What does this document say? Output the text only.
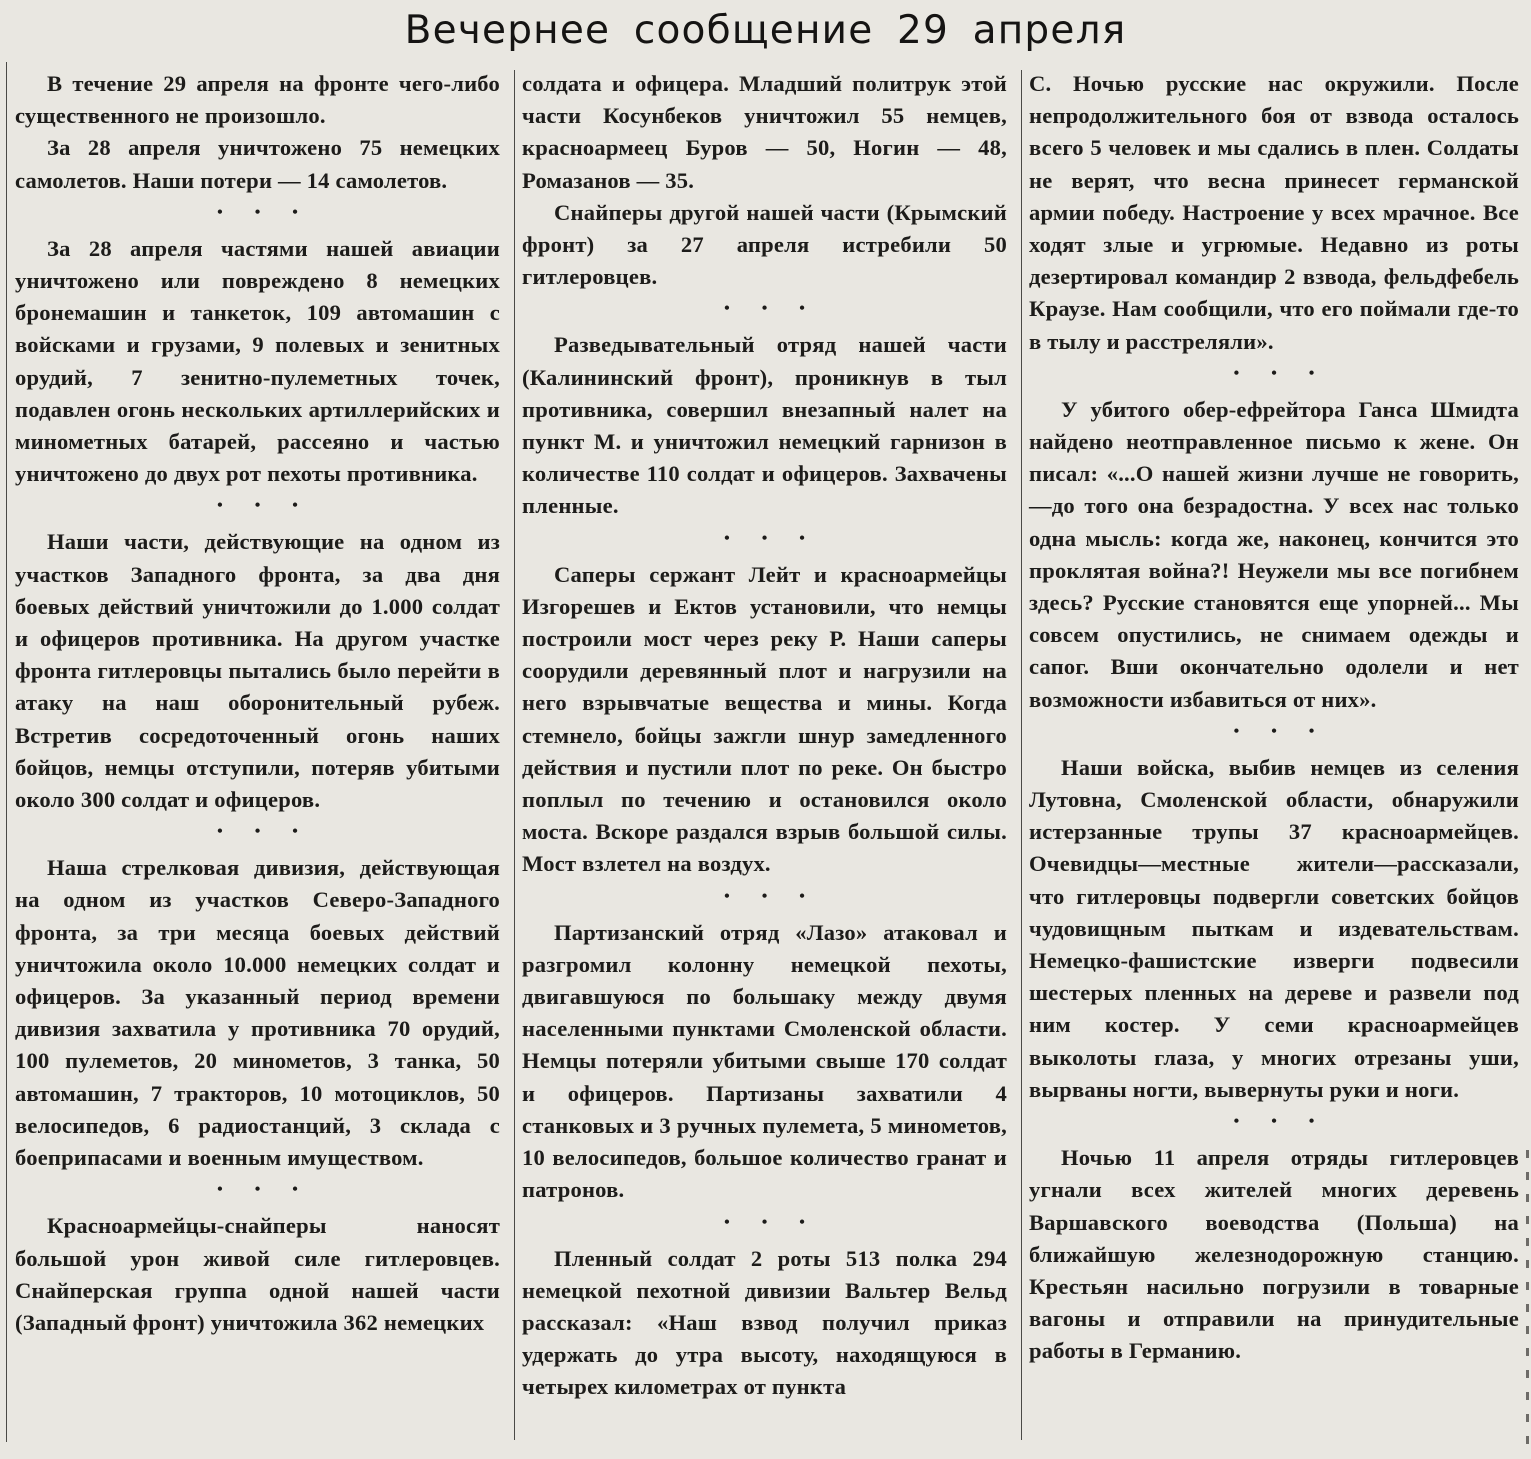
Вечернее сообщение 29 апреля

В течение 29 апреля на фронте чего-либо существенного не произошло.

За 28 апреля уничтожено 75 немецких самолетов. Наши потери — 14 самолетов.

• • •

За 28 апреля частями нашей авиации уничтожено или повреждено 8 немецких бронемашин и танкеток, 109 автомашин с войсками и грузами, 9 полевых и зенитных орудий, 7 зенитно-пулеметных точек, подавлен огонь нескольких артиллерийских и минометных батарей, рассеяно и частью уничтожено до двух рот пехоты противника.

• • •

Наши части, действующие на одном из участков Западного фронта, за два дня боевых действий уничтожили до 1.000 солдат и офицеров противника. На другом участке фронта гитлеровцы пытались было перейти в атаку на наш оборонительный рубеж. Встретив сосредоточенный огонь наших бойцов, немцы отступили, потеряв убитыми около 300 солдат и офицеров.

• • •

Наша стрелковая дивизия, действующая на одном из участков Северо-Западного фронта, за три месяца боевых действий уничтожила около 10.000 немецких солдат и офицеров. За указанный период времени дивизия захватила у противника 70 орудий, 100 пулеметов, 20 минометов, 3 танка, 50 автомашин, 7 тракторов, 10 мотоциклов, 50 велосипедов, 6 радиостанций, 3 склада с боеприпасами и военным имуществом.

• • •

Красноармейцы-снайперы наносят большой урон живой силе гитлеровцев. Снайперская группа одной нашей части (Западный фронт) уничтожила 362 немецких

солдата и офицера. Младший политрук этой части Косунбеков уничтожил 55 немцев, красноармеец Буров — 50, Ногин — 48, Ромазанов — 35.

Снайперы другой нашей части (Крымский фронт) за 27 апреля истребили 50 гитлеровцев.

• • •

Разведывательный отряд нашей части (Калининский фронт), проникнув в тыл противника, совершил внезапный налет на пункт М. и уничтожил немецкий гарнизон в количестве 110 солдат и офицеров. Захвачены пленные.

• • •

Саперы сержант Лейт и красноармейцы Изгорешев и Ектов установили, что немцы построили мост через реку Р. Наши саперы соорудили деревянный плот и нагрузили на него взрывчатые вещества и мины. Когда стемнело, бойцы зажгли шнур замедленного действия и пустили плот по реке. Он быстро поплыл по течению и остановился около моста. Вскоре раздался взрыв большой силы. Мост взлетел на воздух.

• • •

Партизанский отряд «Лазо» атаковал и разгромил колонну немецкой пехоты, двигавшуюся по большаку между двумя населенными пунктами Смоленской области. Немцы потеряли убитыми свыше 170 солдат и офицеров. Партизаны захватили 4 станковых и 3 ручных пулемета, 5 минометов, 10 велосипедов, большое количество гранат и патронов.

• • •

Пленный солдат 2 роты 513 полка 294 немецкой пехотной дивизии Вальтер Вельд рассказал: «Наш взвод получил приказ удержать до утра высоту, находящуюся в четырех километрах от пункта

С. Ночью русские нас окружили. После непродолжительного боя от взвода осталось всего 5 человек и мы сдались в плен. Солдаты не верят, что весна принесет германской армии победу. Настроение у всех мрачное. Все ходят злые и угрюмые. Недавно из роты дезертировал командир 2 взвода, фельдфебель Краузе. Нам сообщили, что его поймали где-то в тылу и расстреляли».

• • •

У убитого обер-ефрейтора Ганса Шмидта найдено неотправленное письмо к жене. Он писал: «...О нашей жизни лучше не говорить,—до того она безрадостна. У всех нас только одна мысль: когда же, наконец, кончится это проклятая война?! Неужели мы все погибнем здесь? Русские становятся еще упорней... Мы совсем опустились, не снимаем одежды и сапог. Вши окончательно одолели и нет возможности избавиться от них».

• • •

Наши войска, выбив немцев из селения Лутовна, Смоленской области, обнаружили истерзанные трупы 37 красноармейцев. Очевидцы—местные жители—рассказали, что гитлеровцы подвергли советских бойцов чудовищным пыткам и издевательствам. Немецко-фашистские изверги подвесили шестерых пленных на дереве и развели под ним костер. У семи красноармейцев выколоты глаза, у многих отрезаны уши, вырваны ногти, вывернуты руки и ноги.

• • •

Ночью 11 апреля отряды гитлеровцев угнали всех жителей многих деревень Варшавского воеводства (Польша) на ближайшую железнодорожную станцию. Крестьян насильно погрузили в товарные вагоны и отправили на принудительные работы в Германию.
